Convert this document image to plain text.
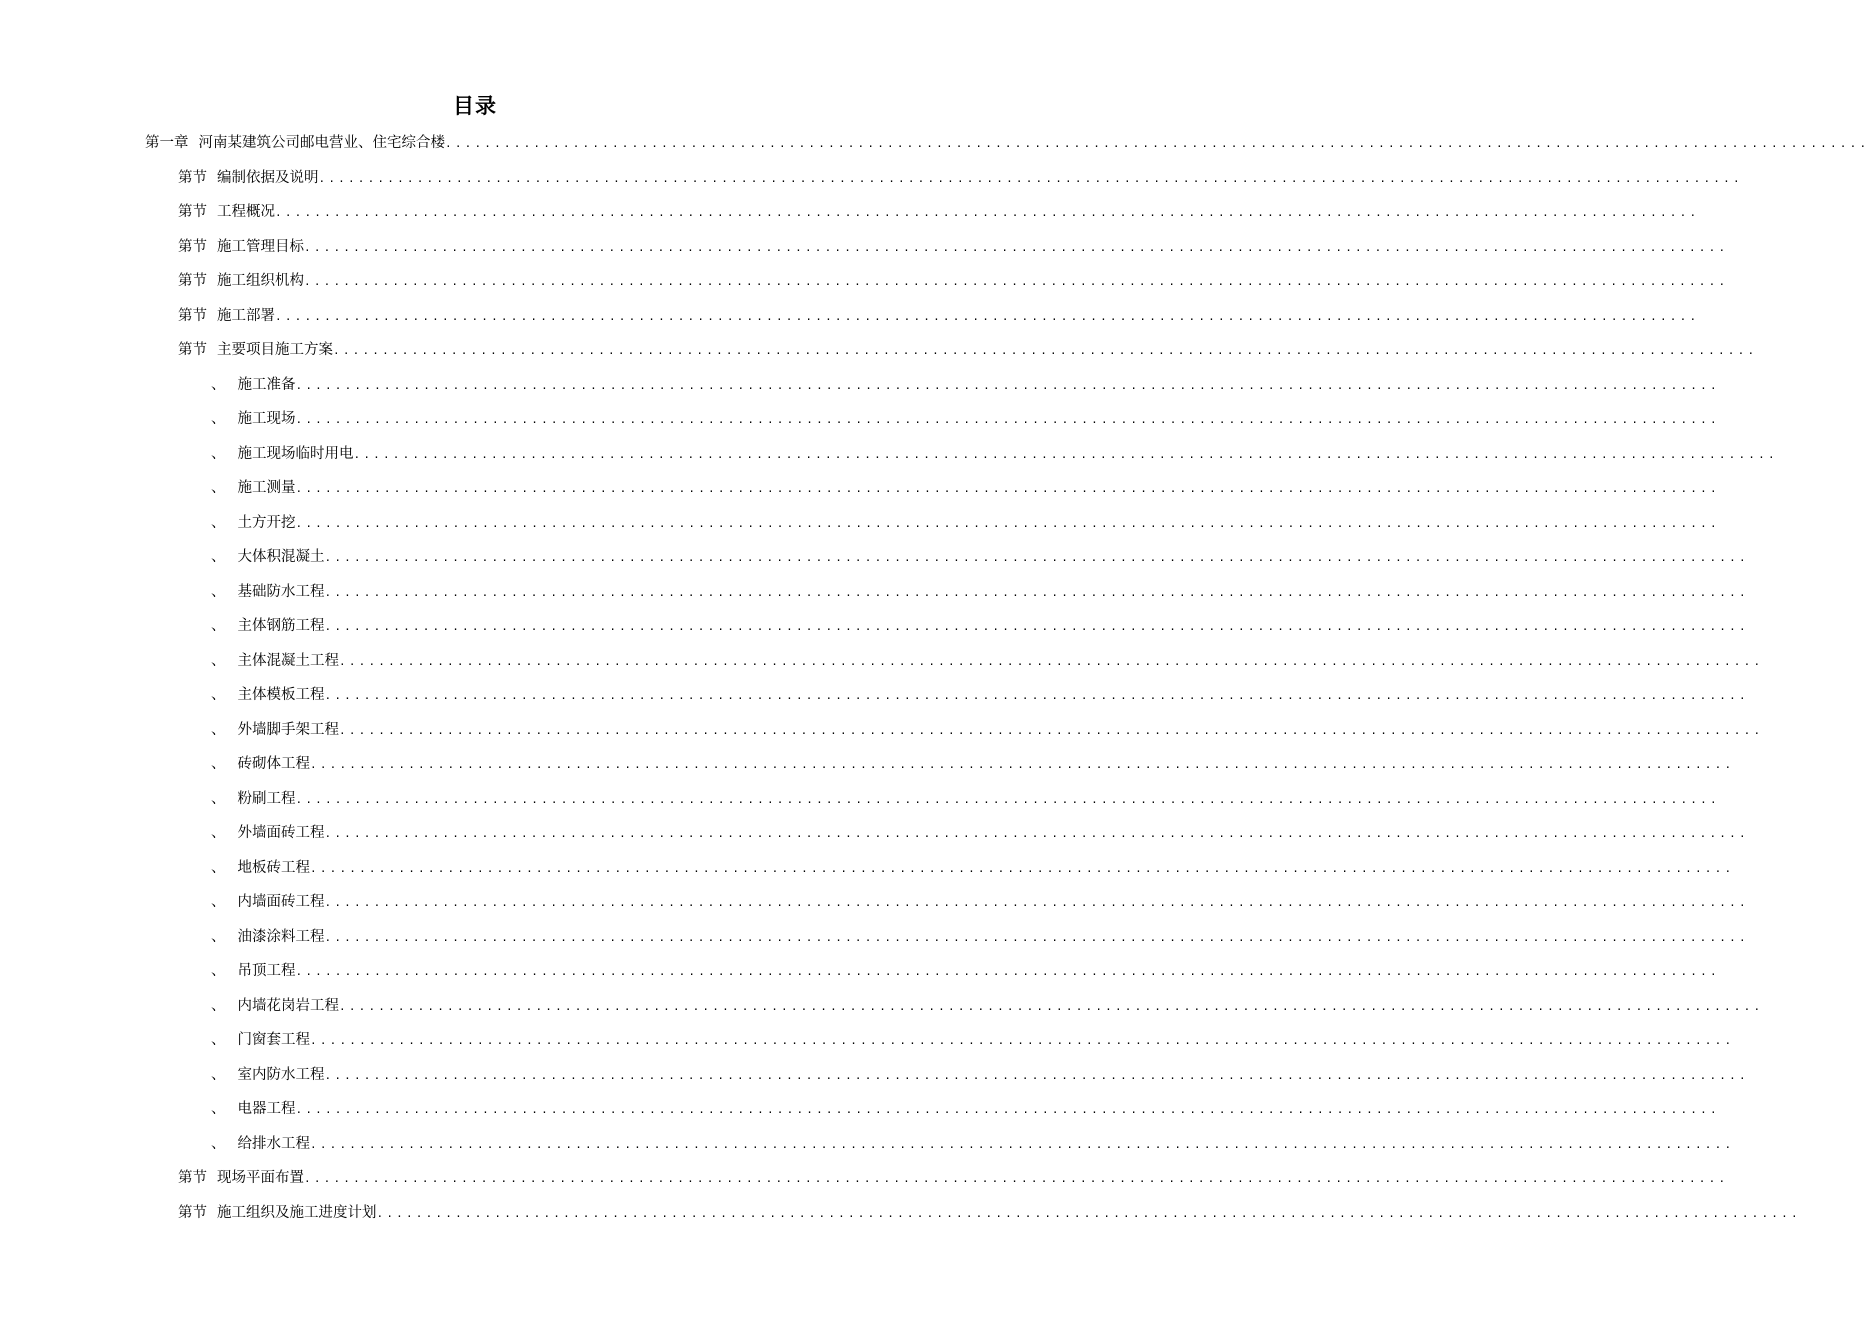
目录
第一章 河南某建筑公司邮电营业、住宅综合楼 .................................................................................................................................................
第节 编制依据及说明 .................................................................................................................................................
第节 工程概况 .................................................................................................................................................
第节 施工管理目标 .................................................................................................................................................
第节 施工组织机构 .................................................................................................................................................
第节 施工部署 .................................................................................................................................................
第节 主要项目施工方案 .................................................................................................................................................
、 施工准备 .................................................................................................................................................
、 施工现场 .................................................................................................................................................
、 施工现场临时用电 .................................................................................................................................................
、 施工测量 .................................................................................................................................................
、 土方开挖 .................................................................................................................................................
、 大体积混凝土 .................................................................................................................................................
、 基础防水工程 .................................................................................................................................................
、 主体钢筋工程 .................................................................................................................................................
、 主体混凝土工程 .................................................................................................................................................
、 主体模板工程 .................................................................................................................................................
、 外墙脚手架工程 .................................................................................................................................................
、 砖砌体工程 .................................................................................................................................................
、 粉刷工程 .................................................................................................................................................
、 外墙面砖工程 .................................................................................................................................................
、 地板砖工程 .................................................................................................................................................
、 内墙面砖工程 .................................................................................................................................................
、 油漆涂料工程 .................................................................................................................................................
、 吊顶工程 .................................................................................................................................................
、 内墙花岗岩工程 .................................................................................................................................................
、 门窗套工程 .................................................................................................................................................
、 室内防水工程 .................................................................................................................................................
、 电器工程 .................................................................................................................................................
、 给排水工程 .................................................................................................................................................
第节 现场平面布置 .................................................................................................................................................
第节 施工组织及施工进度计划 .................................................................................................................................................
